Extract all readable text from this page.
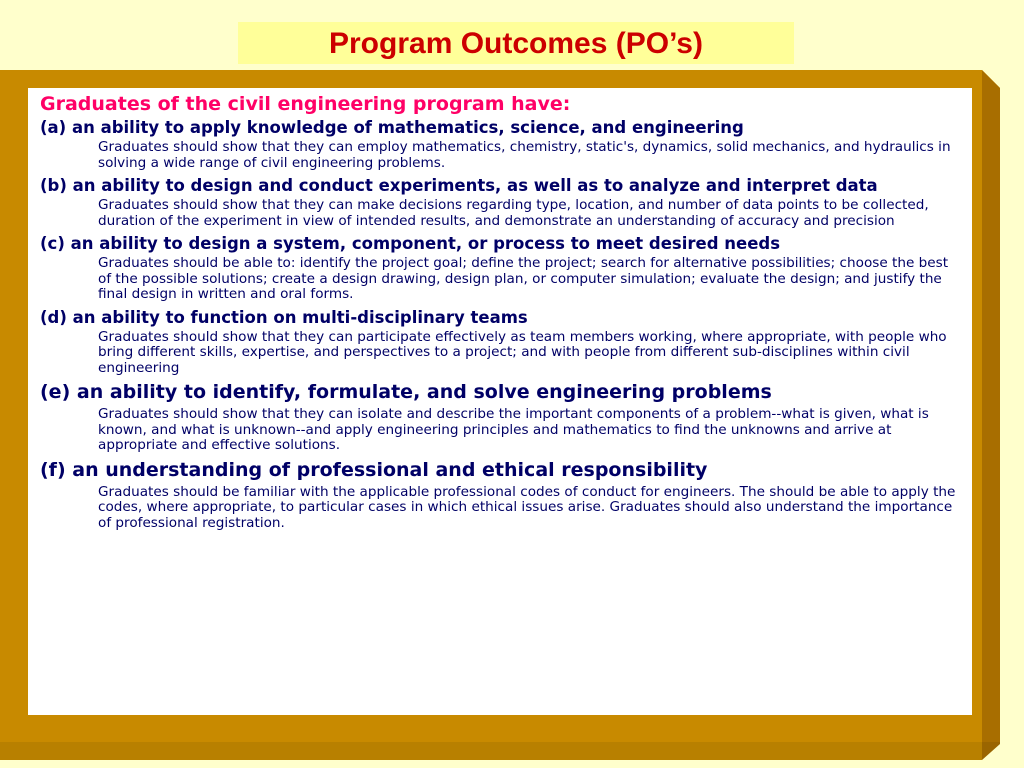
Program Outcomes (PO’s)
Graduates of the civil engineering program have:
(a) an ability to apply knowledge of mathematics, science, and engineering
Graduates should show that they can employ mathematics, chemistry, static's, dynamics, solid mechanics, and hydraulics in solving a wide range of civil engineering problems.
(b) an ability to design and conduct experiments, as well as to analyze and interpret data
Graduates should show that they can make decisions regarding type, location, and number of data points to be collected, duration of the experiment in view of intended results, and demonstrate an understanding of accuracy and precision
(c) an ability to design a system, component, or process to meet desired needs
Graduates should be able to: identify the project goal; define the project; search for alternative possibilities; choose the best of the possible solutions; create a design drawing, design plan, or computer simulation; evaluate the design; and justify the final design in written and oral forms.
(d) an ability to function on multi-disciplinary teams
Graduates should show that they can participate effectively as team members working, where appropriate, with people who bring different skills, expertise, and perspectives to a project; and with people from different sub-disciplines within civil engineering
(e) an ability to identify, formulate, and solve engineering problems
Graduates should show that they can isolate and describe the important components of a problem--what is given, what is known, and what is unknown--and apply engineering principles and mathematics to find the unknowns and arrive at appropriate and effective solutions.
(f) an understanding of professional and ethical responsibility
Graduates should be familiar with the applicable professional codes of conduct for engineers. The should be able to apply the codes, where appropriate, to particular cases in which ethical issues arise. Graduates should also understand the importance of professional registration.
